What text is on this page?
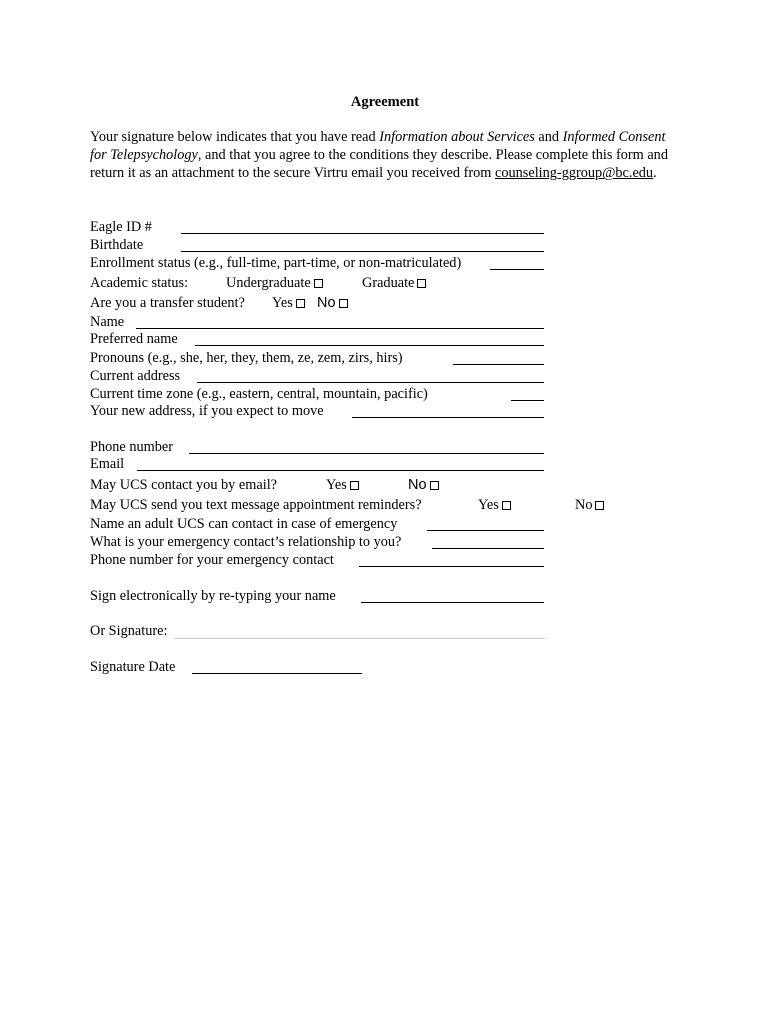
Agreement
Your signature below indicates that you have read Information about Services and Informed Consent for Telepsychology, and that you agree to the conditions they describe. Please complete this form and return it as an attachment to the secure Virtru email you received from counseling-ggroup@bc.edu.
Eagle ID #
Birthdate
Enrollment status (e.g., full-time, part-time, or non-matriculated)
Academic status:	Undergraduate	Graduate
Are you a transfer student? Yes	No
Name
Preferred name
Pronouns (e.g., she, her, they, them, ze, zem, zirs, hirs)
Current address
Current time zone (e.g., eastern, central, mountain, pacific)
Your new address, if you expect to move
Phone number
Email
May UCS contact you by email?	Yes	No
May UCS send you text message appointment reminders?	Yes	No
Name an adult UCS can contact in case of emergency
What is your emergency contact’s relationship to you?
Phone number for your emergency contact
Sign electronically by re-typing your name
Or Signature:
Signature Date
